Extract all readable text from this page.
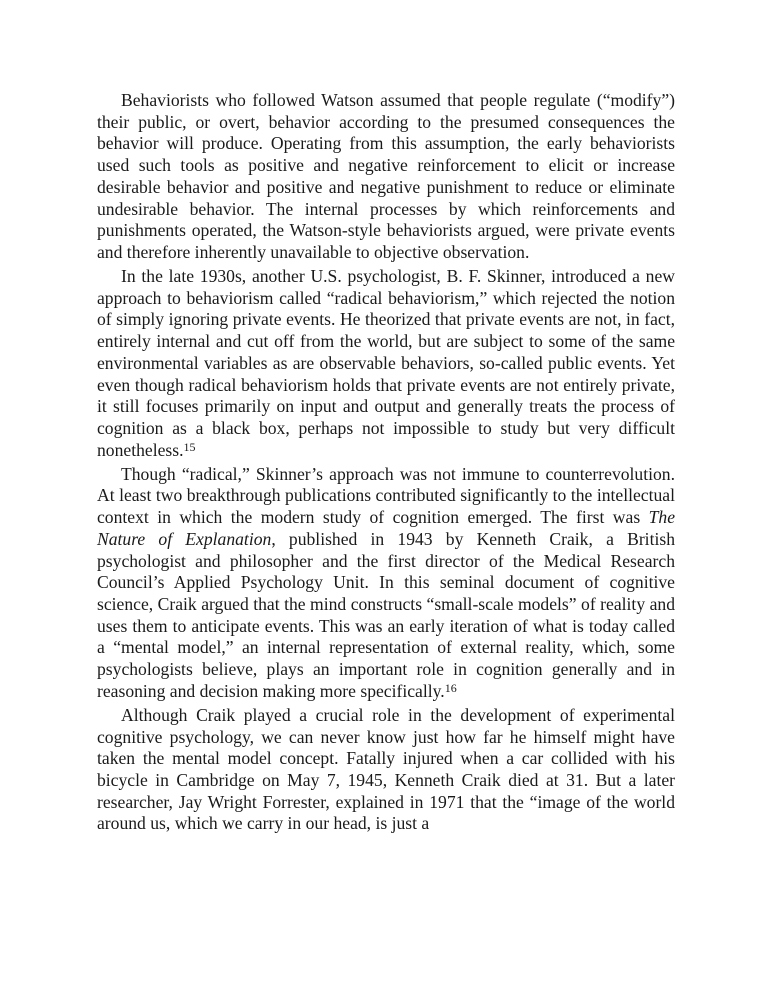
Behaviorists who followed Watson assumed that people regulate (“modify”) their public, or overt, behavior according to the presumed consequences the behavior will produce. Operating from this assumption, the early behaviorists used such tools as positive and negative reinforcement to elicit or increase desirable behavior and positive and negative punishment to reduce or eliminate undesirable behavior. The internal processes by which reinforcements and punishments operated, the Watson-style behaviorists argued, were private events and therefore inherently unavailable to objective observation.

In the late 1930s, another U.S. psychologist, B. F. Skinner, introduced a new approach to behaviorism called “radical behaviorism,” which rejected the notion of simply ignoring private events. He theorized that private events are not, in fact, entirely internal and cut off from the world, but are subject to some of the same environmental variables as are observable behaviors, so-called public events. Yet even though radical behaviorism holds that private events are not entirely private, it still focuses primarily on input and output and generally treats the process of cognition as a black box, perhaps not impossible to study but very difficult nonetheless.$^{15}$

Though “radical,” Skinner’s approach was not immune to counterrevolution. At least two breakthrough publications contributed significantly to the intellectual context in which the modern study of cognition emerged. The first was The Nature of Explanation, published in 1943 by Kenneth Craik, a British psychologist and philosopher and the first director of the Medical Research Council’s Applied Psychology Unit. In this seminal document of cognitive science, Craik argued that the mind constructs “small-scale models” of reality and uses them to anticipate events. This was an early iteration of what is today called a “mental model,” an internal representation of external reality, which, some psychologists believe, plays an important role in cognition generally and in reasoning and decision making more specifically.$^{16}$

Although Craik played a crucial role in the development of experimental cognitive psychology, we can never know just how far he himself might have taken the mental model concept. Fatally injured when a car collided with his bicycle in Cambridge on May 7, 1945, Kenneth Craik died at 31. But a later researcher, Jay Wright Forrester, explained in 1971 that the “image of the world around us, which we carry in our head, is just a
